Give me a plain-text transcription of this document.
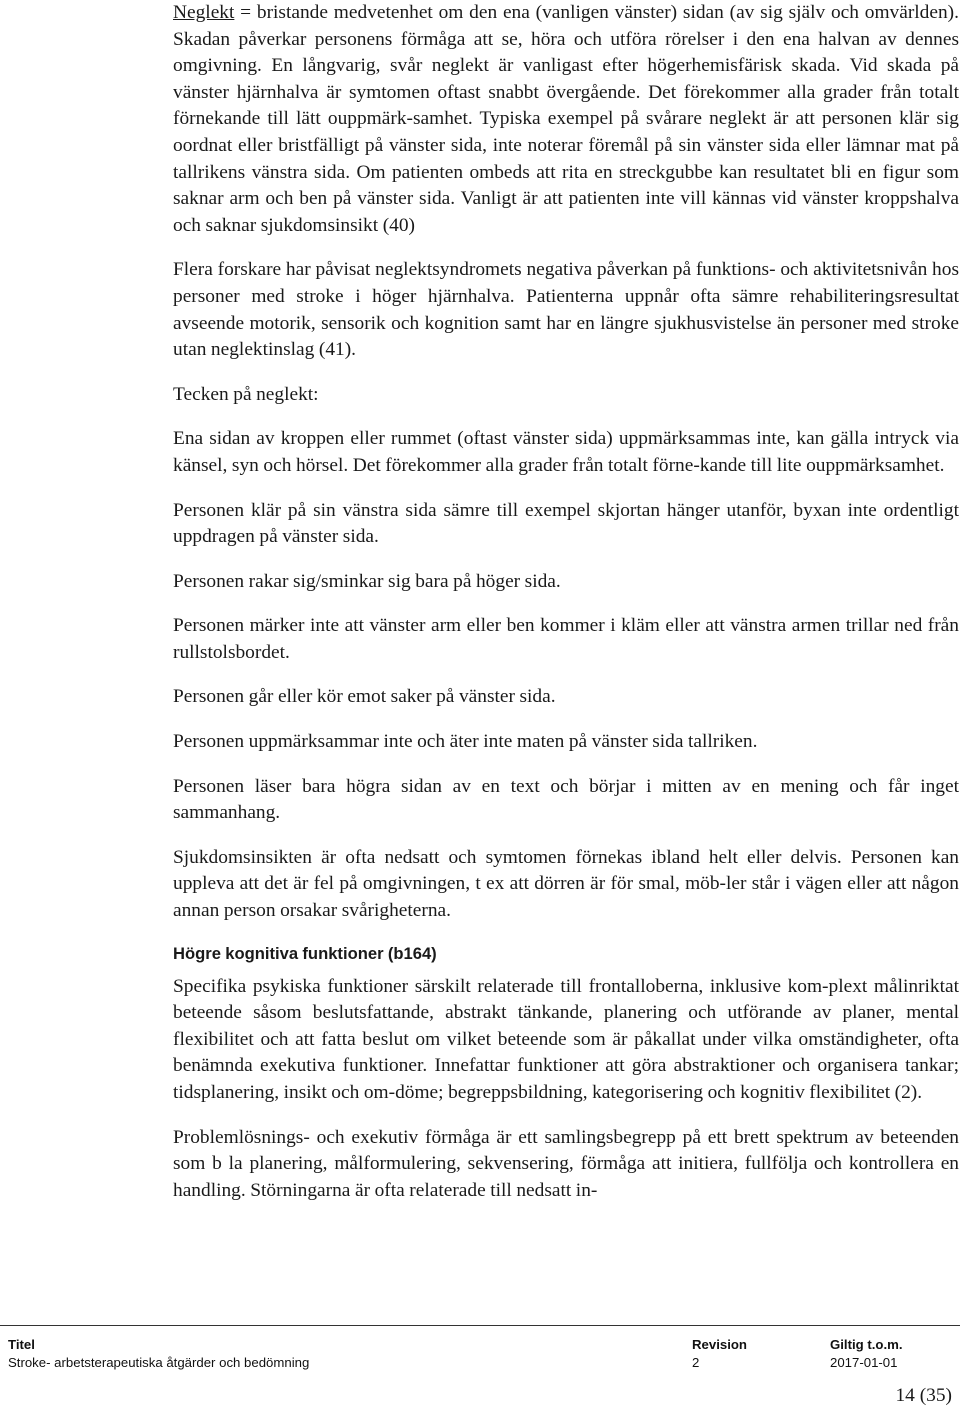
Neglekt = bristande medvetenhet om den ena (vanligen vänster) sidan (av sig själv och omvärlden). Skadan påverkar personens förmåga att se, höra och utföra rörelser i den ena halvan av dennes omgivning. En långvarig, svår neglekt är vanligast efter högerhemisfärisk skada. Vid skada på vänster hjärnhalva är symtomen oftast snabbt övergående. Det förekommer alla grader från totalt förnekande till lätt ouppmärk-samhet. Typiska exempel på svårare neglekt är att personen klär sig oordnat eller bristfälligt på vänster sida, inte noterar föremål på sin vänster sida eller lämnar mat på tallrikens vänstra sida. Om patienten ombeds att rita en streckgubbe kan resultatet bli en figur som saknar arm och ben på vänster sida. Vanligt är att patienten inte vill kännas vid vänster kroppshalva och saknar sjukdomsinsikt (40)

Flera forskare har påvisat neglektsyndromets negativa påverkan på funktions- och aktivitetsnivån hos personer med stroke i höger hjärnhalva. Patienterna uppnår ofta sämre rehabiliteringsresultat avseende motorik, sensorik och kognition samt har en längre sjukhusvistelse än personer med stroke utan neglektinslag (41).

Tecken på neglekt:

Ena sidan av kroppen eller rummet (oftast vänster sida) uppmärksammas inte, kan gälla intryck via känsel, syn och hörsel. Det förekommer alla grader från totalt förne-kande till lite ouppmärksamhet.

Personen klär på sin vänstra sida sämre till exempel skjortan hänger utanför, byxan inte ordentligt uppdragen på vänster sida.

Personen rakar sig/sminkar sig bara på höger sida.

Personen märker inte att vänster arm eller ben kommer i kläm eller att vänstra armen trillar ned från rullstolsbordet.

Personen går eller kör emot saker på vänster sida.

Personen uppmärksammar inte och äter inte maten på vänster sida tallriken.

Personen läser bara högra sidan av en text och börjar i mitten av en mening och får inget sammanhang.

Sjukdomsinsikten är ofta nedsatt och symtomen förnekas ibland helt eller delvis. Personen kan uppleva att det är fel på omgivningen, t ex att dörren är för smal, möb-ler står i vägen eller att någon annan person orsakar svårigheterna.

Högre kognitiva funktioner (b164)

Specifika psykiska funktioner särskilt relaterade till frontalloberna, inklusive kom-plext målinriktat beteende såsom beslutsfattande, abstrakt tänkande, planering och utförande av planer, mental flexibilitet och att fatta beslut om vilket beteende som är påkallat under vilka omständigheter, ofta benämnda exekutiva funktioner. Innefattar funktioner att göra abstraktioner och organisera tankar; tidsplanering, insikt och om-döme; begreppsbildning, kategorisering och kognitiv flexibilitet (2).

Problemlösnings- och exekutiv förmåga är ett samlingsbegrepp på ett brett spektrum av beteenden som b la planering, målformulering, sekvensering, förmåga att initiera, fullfölja och kontrollera en handling. Störningarna är ofta relaterade till nedsatt in-

Titel
Stroke- arbetsterapeutiska åtgärder och bedömning
Revision
2
Giltig t.o.m.
2017-01-01
14 (35)
